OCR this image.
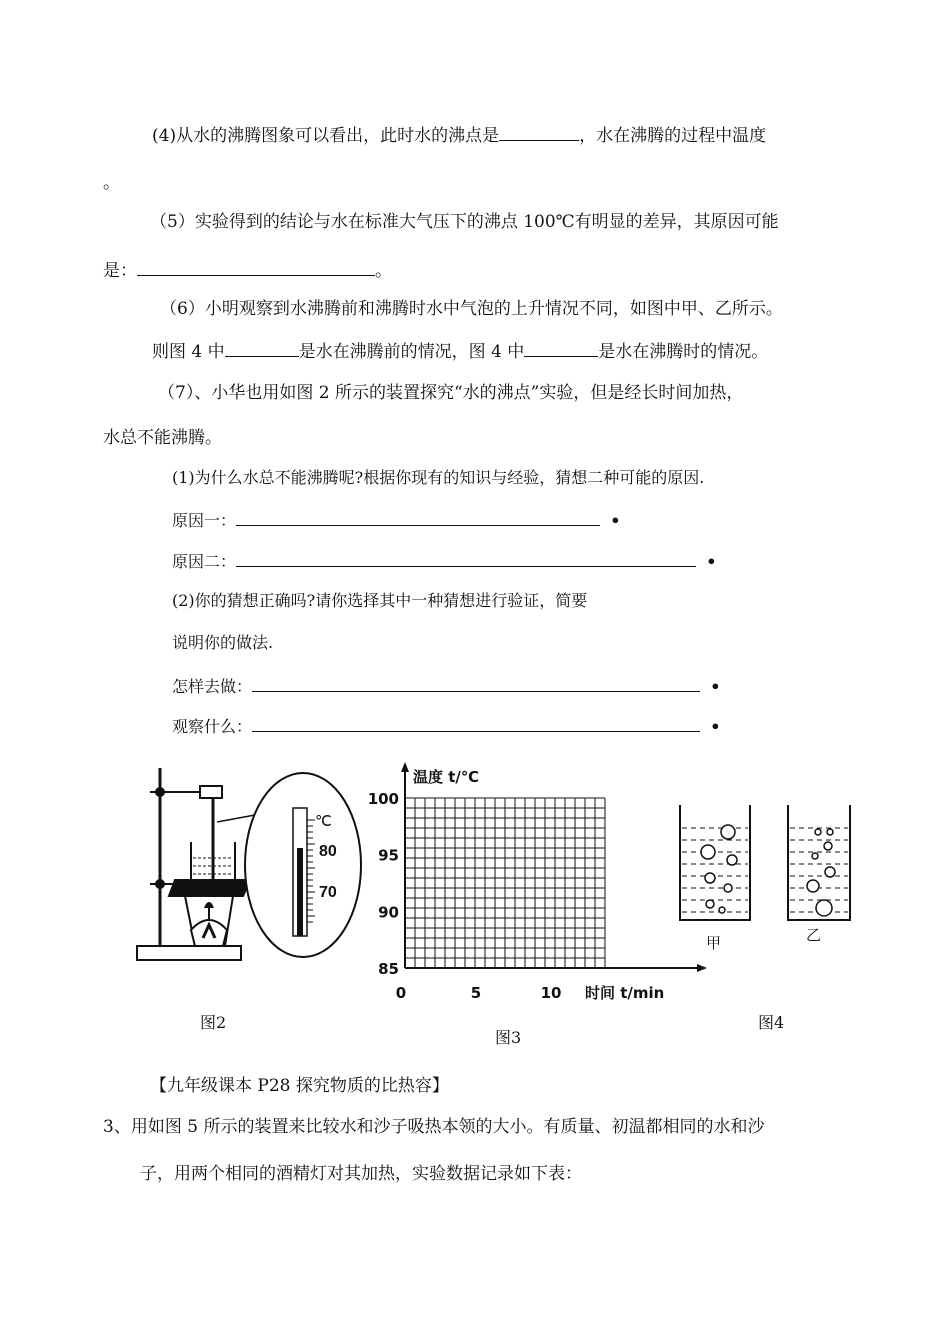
(4)从水的沸腾图象可以看出，此时水的沸点是	，水在沸腾的过程中温度
。
（5）实验得到的结论与水在标准大气压下的沸点 100℃有明显的差异，其原因可能
是：	。
（6）小明观察到水沸腾前和沸腾时水中气泡的上升情况不同，如图中甲、乙所示。
则图 4 中	是水在沸腾前的情况，图 4 中	是水在沸腾时的情况。
（7）、小华也用如图 2 所示的装置探究“水的沸点”实验，但是经长时间加热，
水总不能沸腾。
(1)为什么水总不能沸腾呢?根据你现有的知识与经验，猜想二种可能的原因.
原因一：	•
原因二：	•
(2)你的猜想正确吗?请你选择其中一种猜想进行验证，简要
说明你的做法.
怎样去做：	•
观察什么：	•
℃
80
70
100
95
90
85
0	5	10
温度 t/℃
时间 t/min
甲	乙
图2
图3
图4
【九年级课本 P28 探究物质的比热容】
3、用如图 5 所示的装置来比较水和沙子吸热本领的大小。有质量、初温都相同的水和沙
子，用两个相同的酒精灯对其加热，实验数据记录如下表：
